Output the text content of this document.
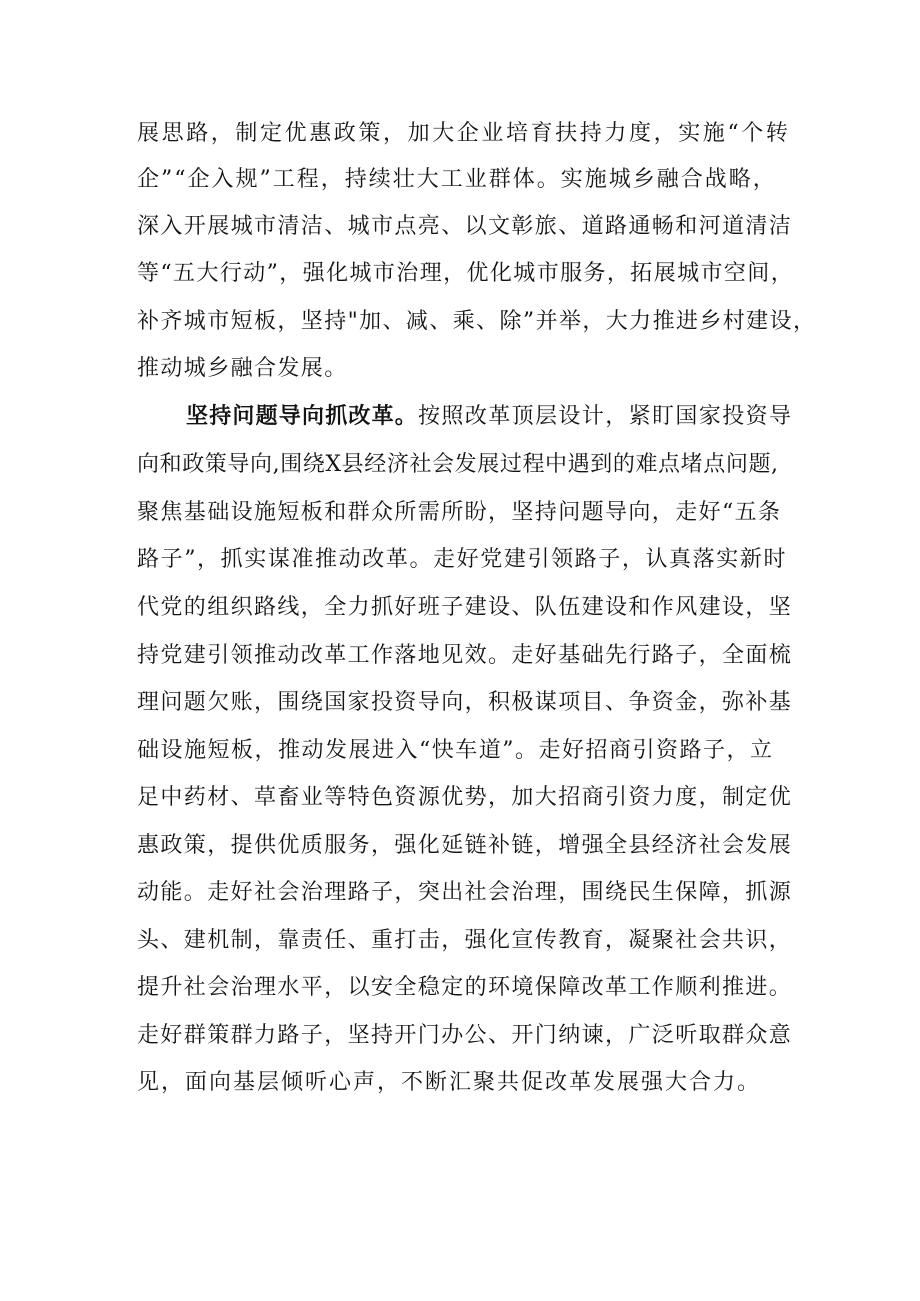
展思路，制定优惠政策，加大企业培育扶持力度，实施“个转
企”“企入规”工程，持续壮大工业群体。实施城乡融合战略，
深入开展城市清洁、城市点亮、以文彰旅、道路通畅和河道清洁
等“五大行动”，强化城市治理，优化城市服务，拓展城市空间，
补齐城市短板，坚持"加、减、乘、除”并举，大力推进乡村建设，
推动城乡融合发展。
坚持问题导向抓改革。按照改革顶层设计，紧盯国家投资导
向和政策导向,围绕X县经济社会发展过程中遇到的难点堵点问题,
聚焦基础设施短板和群众所需所盼，坚持问题导向，走好“五条
路子”，抓实谋准推动改革。走好党建引领路子，认真落实新时
代党的组织路线，全力抓好班子建设、队伍建设和作风建设，坚
持党建引领推动改革工作落地见效。走好基础先行路子，全面梳
理问题欠账，围绕国家投资导向，积极谋项目、争资金，弥补基
础设施短板，推动发展进入“快车道”。走好招商引资路子，立
足中药材、草畜业等特色资源优势，加大招商引资力度，制定优
惠政策，提供优质服务，强化延链补链，增强全县经济社会发展
动能。走好社会治理路子，突出社会治理，围绕民生保障，抓源
头、建机制，靠责任、重打击，强化宣传教育，凝聚社会共识，
提升社会治理水平，以安全稳定的环境保障改革工作顺利推进。
走好群策群力路子，坚持开门办公、开门纳谏，广泛听取群众意
见，面向基层倾听心声，不断汇聚共促改革发展强大合力。
